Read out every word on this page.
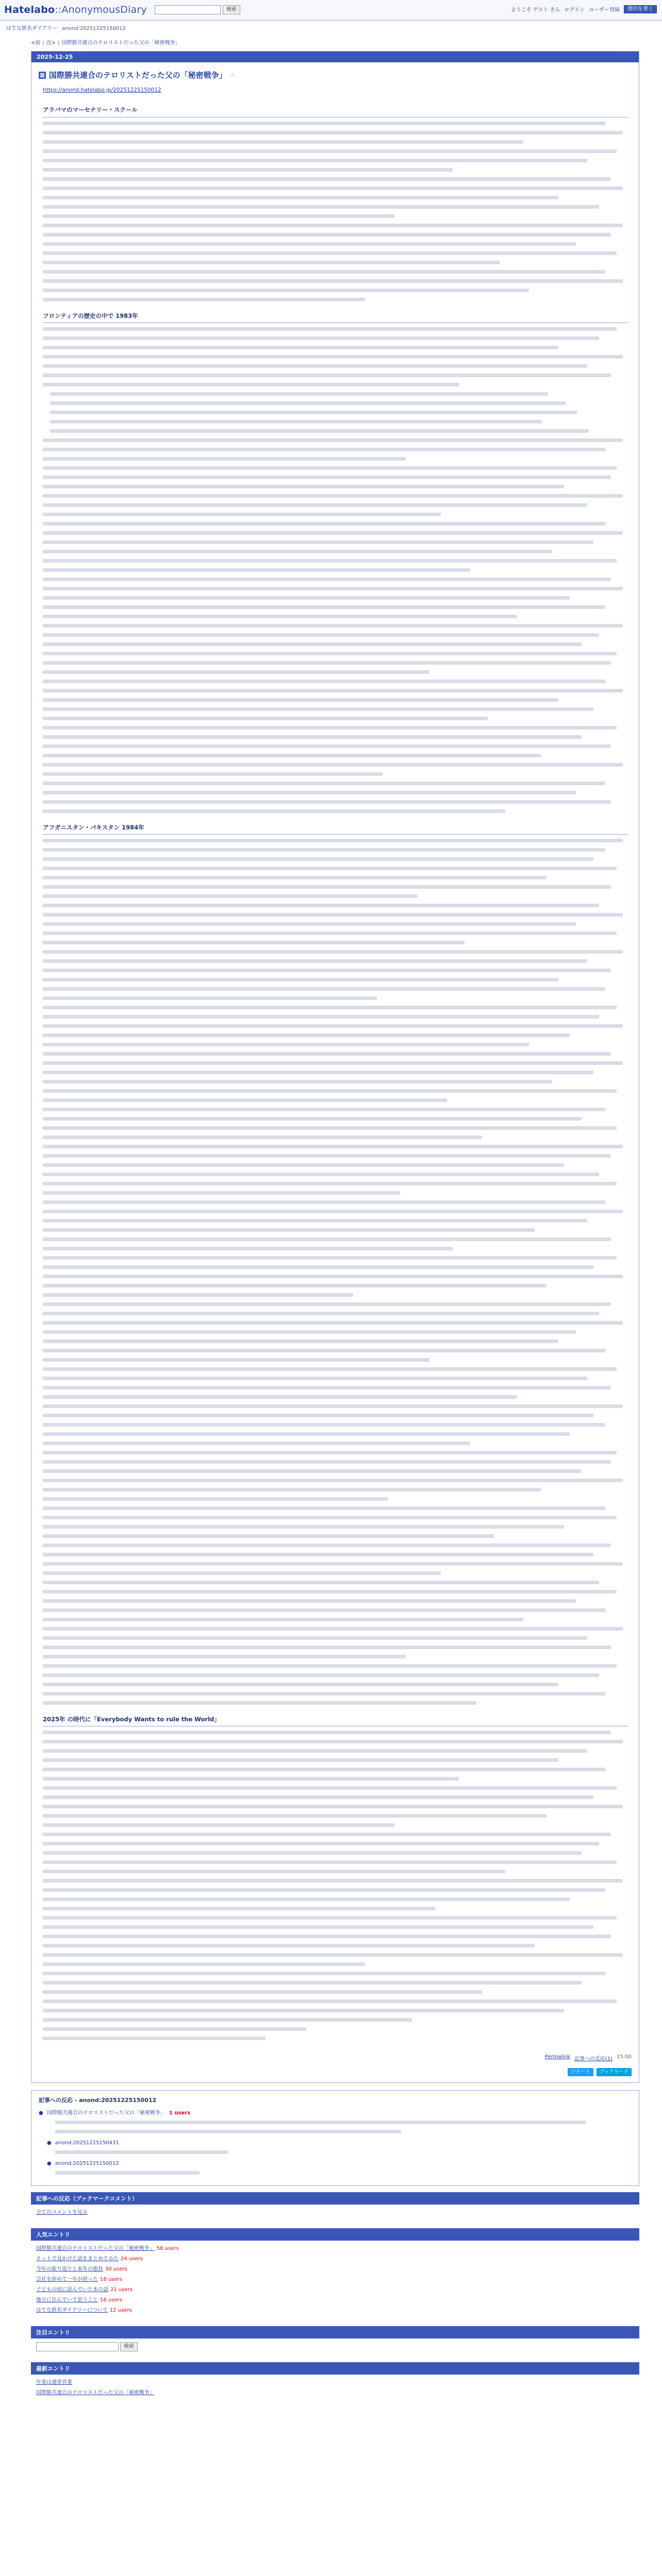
Hatelabo::AnonymousDiary	検索	ようこそ ゲスト さん ログイン ユーザー登録	増田を書く
はてな匿名ダイアリー anond:20251225150012
<前 | 次> | 国際勝共連合のテロリストだった父の「秘密戦争」
2025-12-25
国際勝共連合のテロリストだった父の「秘密戦争」 ☆
https://anond.hatelabo.jp/20251225150012
アラバマのマーセナリー・スクール
フロンティアの歴史の中で 1983年
アフガニスタン・パキスタン 1984年
2025年 の時代に「Everybody Wants to rule the World」
Permalink 記事への反応(1) 15:00
ツイート	ブックマーク
記事への反応 - anond:20251225150012
● 国際勝共連合のテロリストだった父の「秘密戦争」 1 users
● anond:20251225150431
● anond:20251225150012
記事への反応（ブックマークコメント）
全てのコメントを見る
人気エントリ
国際勝共連合のテロリストだった父の「秘密戦争」 58 users
ネットで見かけた話をまとめてみた 24 users
今年の振り返りと来年の抱負 30 users
会社を辞めて一年が経った 18 users
子どもの頃に読んでいた本の話 21 users
地方に住んでいて思うこと 16 users
はてな匿名ダイアリーについて 12 users
注目エントリ
検索
最新エントリ
作業は通常営業
国際勝共連合のテロリストだった父の「秘密戦争」
